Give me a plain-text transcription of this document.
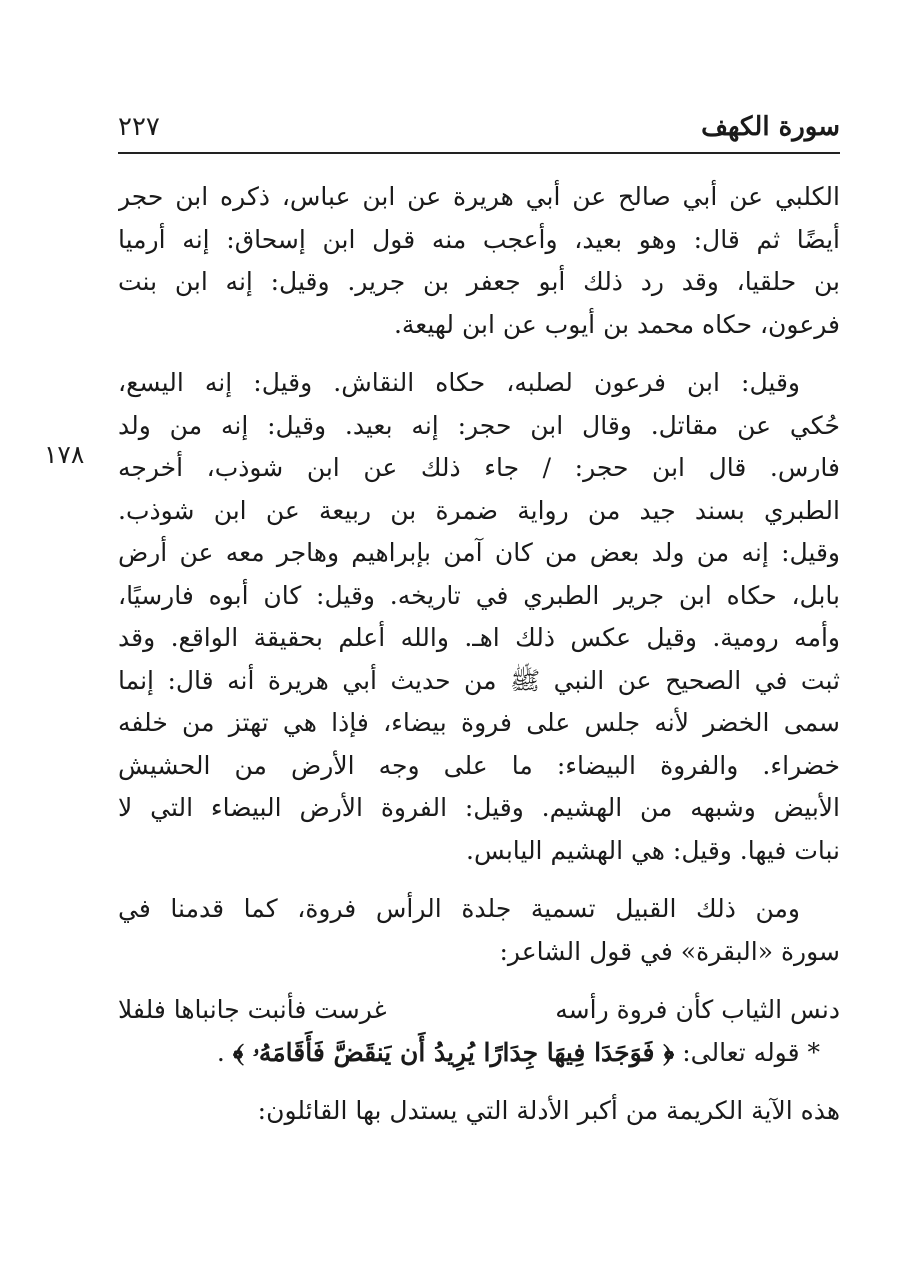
سورة الكهف
٢٢٧
١٧٨
الكلبي عن أبي صالح عن أبي هريرة عن ابن عباس، ذكره ابن حجر
أيضًا ثم قال: وهو بعيد، وأعجب منه قول ابن إسحاق: إنه أرميا
بن حلقيا، وقد رد ذلك أبو جعفر بن جرير. وقيل: إنه ابن بنت
فرعون، حكاه محمد بن أيوب عن ابن لهيعة.
وقيل: ابن فرعون لصلبه، حكاه النقاش. وقيل: إنه اليسع،
حُكي عن مقاتل. وقال ابن حجر: إنه بعيد. وقيل: إنه من ولد
فارس. قال ابن حجر: / جاء ذلك عن ابن شوذب، أخرجه
الطبري بسند جيد من رواية ضمرة بن ربيعة عن ابن شوذب.
وقيل: إنه من ولد بعض من كان آمن بإبراهيم وهاجر معه عن أرض
بابل، حكاه ابن جرير الطبري في تاريخه. وقيل: كان أبوه فارسيًا،
وأمه رومية. وقيل عكس ذلك اهـ. والله أعلم بحقيقة الواقع. وقد
ثبت في الصحيح عن النبي ﷺ من حديث أبي هريرة أنه قال: إنما
سمى الخضر لأنه جلس على فروة بيضاء، فإذا هي تهتز من خلفه
خضراء. والفروة البيضاء: ما على وجه الأرض من الحشيش
الأبيض وشبهه من الهشيم. وقيل: الفروة الأرض البيضاء التي لا
نبات فيها. وقيل: هي الهشيم اليابس.
ومن ذلك القبيل تسمية جلدة الرأس فروة، كما قدمنا في
سورة «البقرة» في قول الشاعر:
دنس الثياب كأن فروة رأسه
غرست فأنبت جانباها فلفلا
* قوله تعالى: ﴿ فَوَجَدَا فِيهَا جِدَارًا يُرِيدُ أَن يَنقَضَّ فَأَقَامَهُۥ ﴾ .
هذه الآية الكريمة من أكبر الأدلة التي يستدل بها القائلون:
